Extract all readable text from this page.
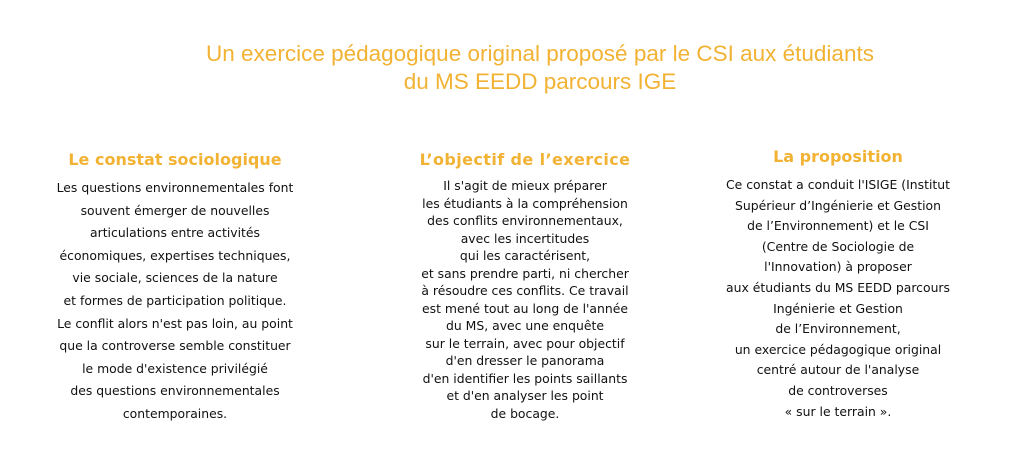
Un exercice pédagogique original proposé par le CSI aux étudiants
du MS EEDD parcours IGE
Le constat sociologique
Les questions environnementales font
souvent émerger de nouvelles
articulations entre activités
économiques, expertises techniques,
vie sociale, sciences de la nature
et formes de participation politique.
Le conflit alors n'est pas loin, au point
que la controverse semble constituer
le mode d'existence privilégié
des questions environnementales
contemporaines.
L’objectif de l’exercice
Il s'agit de mieux préparer
les étudiants à la compréhension
des conflits environnementaux,
avec les incertitudes
qui les caractérisent,
et sans prendre parti, ni chercher
à résoudre ces conflits. Ce travail
est mené tout au long de l'année
du MS, avec une enquête
sur le terrain, avec pour objectif
d'en dresser le panorama
d'en identifier les points saillants
et d'en analyser les point
de bocage.
La proposition
Ce constat a conduit l'ISIGE (Institut
Supérieur d’Ingénierie et Gestion
de l’Environnement) et le CSI
(Centre de Sociologie de
l'Innovation) à proposer
aux étudiants du MS EEDD parcours
Ingénierie et Gestion
de l’Environnement,
un exercice pédagogique original
centré autour de l'analyse
de controverses
« sur le terrain ».
